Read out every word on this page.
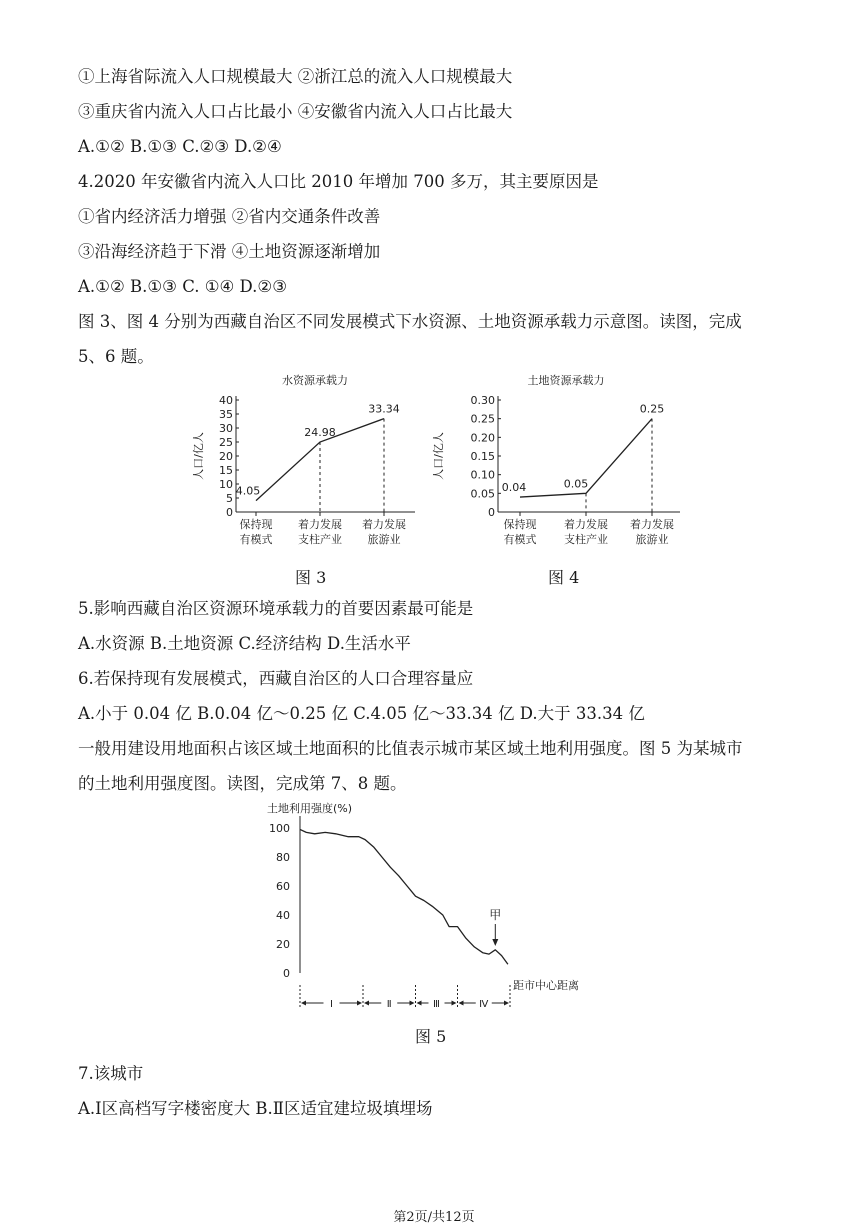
①上海省际流入人口规模最大 ②浙江总的流入人口规模最大
③重庆省内流入人口占比最小 ④安徽省内流入人口占比最大
A.①② B.①③ C.②③ D.②④
4.2020 年安徽省内流入人口比 2010 年增加 700 多万，其主要原因是
①省内经济活力增强 ②省内交通条件改善
③沿海经济趋于下滑 ④土地资源逐渐增加
A.①② B.①③ C. ①④ D.②③
图 3、图 4 分别为西藏自治区不同发展模式下水资源、土地资源承载力示意图。读图，完成
5、6 题。
水资源承载力
人口/亿人
0
5
10
15
20
25
30
35
40
4.05
24.98
33.34
保持现
有模式
着力发展
支柱产业
着力发展
旅游业
图 3
土地资源承载力
人口/亿人
0
0.05
0.10
0.15
0.20
0.25
0.30
0.04	0.05
0.25
保持现
有模式
着力发展
支柱产业
着力发展
旅游业
图 4
5.影响西藏自治区资源环境承载力的首要因素最可能是
A.水资源 B.土地资源 C.经济结构 D.生活水平
6.若保持现有发展模式，西藏自治区的人口合理容量应
A.小于 0.04 亿 B.0.04 亿～0.25 亿 C.4.05 亿～33.34 亿 D.大于 33.34 亿
一般用建设用地面积占该区域土地面积的比值表示城市某区域土地利用强度。图 5 为某城市
的土地利用强度图。读图，完成第 7、8 题。
土地利用强度(%)
0
20
40
60
80
100
距市中心距离
甲
Ⅰ	Ⅱ	Ⅲ	Ⅳ
图 5
7.该城市
A.Ⅰ区高档写字楼密度大 B.Ⅱ区适宜建垃圾填埋场
第2页/共12页
